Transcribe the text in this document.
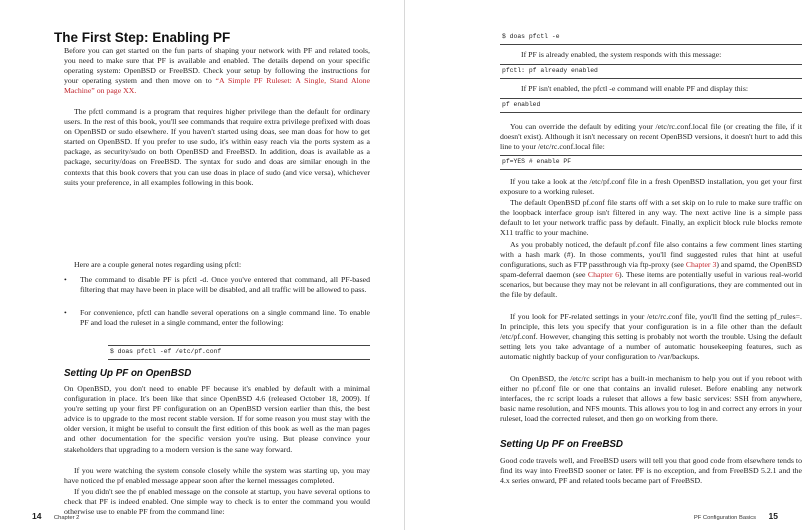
The First Step: Enabling PF

Before you can get started on the fun parts of shaping your network with PF and related tools, you need to make sure that PF is available and enabled. The details depend on your specific operating system: OpenBSD or FreeBSD. Check your setup by following the instructions for your operating system and then move on to “A Simple PF Ruleset: A Single, Stand Alone Machine” on page XX.

The pfctl command is a program that requires higher privilege than the default for ordinary users. In the rest of this book, you'll see commands that require extra privilege prefixed with doas on OpenBSD or sudo elsewhere. If you haven't started using doas, see man doas for how to get started on OpenBSD. If you prefer to use sudo, it's within easy reach via the ports system as a package, as security/sudo on both OpenBSD and FreeBSD. In addition, doas is available as a package, security/doas on FreeBSD. The syntax for sudo and doas are similar enough in the contexts that this book covers that you can use doas in place of sudo (and vice versa), whichever suits your preference, in all examples following in this book.

Here are a couple general notes regarding using pfctl:

• The command to disable PF is pfctl -d. Once you've entered that command, all PF-based filtering that may have been in place will be disabled, and all traffic will be allowed to pass.

• For convenience, pfctl can handle several operations on a single command line. To enable PF and load the ruleset in a single command, enter the following:

$ doas pfctl -ef /etc/pf.conf
Setting Up PF on OpenBSD

On OpenBSD, you don't need to enable PF because it's enabled by default with a minimal configuration in place. It's been like that since OpenBSD 4.6 (released October 18, 2009). If you're setting up your first PF configuration on an OpenBSD version earlier than this, the best advice is to upgrade to the most recent stable version. If for some reason you must stay with the older version, it might be useful to consult the first edition of this book as well as the man pages and other documentation for the specific version you're using. But please convince your stakeholders that upgrading to a modern version is the sane way forward.

If you were watching the system console closely while the system was starting up, you may have noticed the pf enabled message appear soon after the kernel messages completed.

If you didn't see the pf enabled message on the console at startup, you have several options to check that PF is indeed enabled. One simple way to check is to enter the command you would otherwise use to enable PF from the command line:

14 Chapter 2
$ doas pfctl -e

If PF is already enabled, the system responds with this message:

pfctl: pf already enabled

If PF isn't enabled, the pfctl -e command will enable PF and display this:

pf enabled

You can override the default by editing your /etc/rc.conf.local file (or creating the file, if it doesn't exist). Although it isn't necessary on recent OpenBSD versions, it doesn't hurt to add this line to your /etc/rc.conf.local file:

pf=YES # enable PF

If you take a look at the /etc/pf.conf file in a fresh OpenBSD installation, you get your first exposure to a working ruleset.

The default OpenBSD pf.conf file starts off with a set skip on lo rule to make sure traffic on the loopback interface group isn't filtered in any way. The next active line is a simple pass default to let your network traffic pass by default. Finally, an explicit block rule blocks remote X11 traffic to your machine.

As you probably noticed, the default pf.conf file also contains a few comment lines starting with a hash mark (#). In those comments, you'll find suggested rules that hint at useful configurations, such as FTP passthrough via ftp-proxy (see Chapter 3) and spamd, the OpenBSD spam-deferral daemon (see Chapter 6). These items are potentially useful in various real-world scenarios, but because they may not be relevant in all configurations, they are commented out in the file by default.

If you look for PF-related settings in your /etc/rc.conf file, you'll find the setting pf_rules=. In principle, this lets you specify that your configuration is in a file other than the default /etc/pf.conf. However, changing this setting is probably not worth the trouble. Using the default setting lets you take advantage of a number of automatic housekeeping features, such as automatic nightly backup of your configuration to /var/backups.

On OpenBSD, the /etc/rc script has a built-in mechanism to help you out if you reboot with either no pf.conf file or one that contains an invalid ruleset. Before enabling any network interfaces, the rc script loads a ruleset that allows a few basic services: SSH from anywhere, basic name resolution, and NFS mounts. This allows you to log in and correct any errors in your ruleset, load the corrected ruleset, and then go on working from there.

Setting Up PF on FreeBSD

Good code travels well, and FreeBSD users will tell you that good code from elsewhere tends to find its way into FreeBSD sooner or later. PF is no exception, and from FreeBSD 5.2.1 and the 4.x series onward, PF and related tools became part of FreeBSD.

PF Configuration Basics 15
